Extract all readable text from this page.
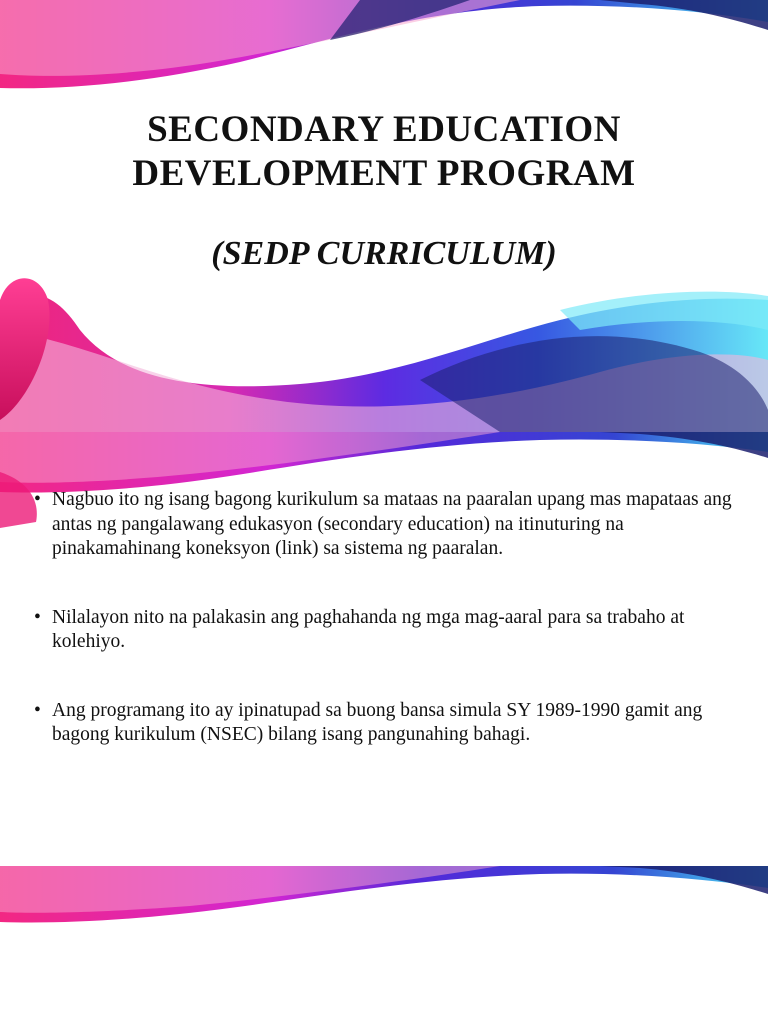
SECONDARY EDUCATION DEVELOPMENT PROGRAM
(SEDP CURRICULUM)
• Nagbuo ito ng isang bagong kurikulum sa mataas na paaralan upang mas mapataas ang antas ng pangalawang edukasyon (secondary education) na itinuturing na pinakamahinang koneksyon (link) sa sistema ng paaralan.
• Nilalayon nito na palakasin ang paghahanda ng mga mag-aaral para sa trabaho at kolehiyo.
• Ang programang ito ay ipinatupad sa buong bansa simula SY 1989-1990 gamit ang bagong kurikulum (NSEC) bilang isang pangunahing bahagi.
